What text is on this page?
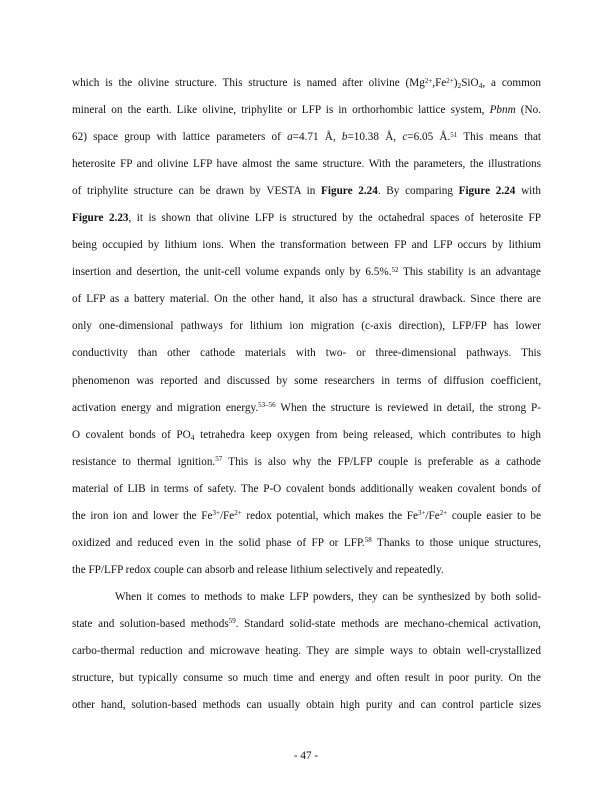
which is the olivine structure. This structure is named after olivine $(Mg^{2+},Fe^{2+})_2SiO_4$, a common
mineral on the earth. Like olivine, triphylite or LFP is in orthorhombic lattice system, Pbnm (No.
62) space group with lattice parameters of a=4.71 Å, b=10.38 Å, c=6.05 Å.$^{51}$ This means that
heterosite FP and olivine LFP have almost the same structure. With the parameters, the illustrations
of triphylite structure can be drawn by VESTA in Figure 2.24. By comparing Figure 2.24 with
Figure 2.23, it is shown that olivine LFP is structured by the octahedral spaces of heterosite FP
being occupied by lithium ions. When the transformation between FP and LFP occurs by lithium
insertion and desertion, the unit-cell volume expands only by 6.5%.$^{52}$ This stability is an advantage
of LFP as a battery material. On the other hand, it also has a structural drawback. Since there are
only one-dimensional pathways for lithium ion migration (c-axis direction), LFP/FP has lower
conductivity than other cathode materials with two- or three-dimensional pathways. This
phenomenon was reported and discussed by some researchers in terms of diffusion coefficient,
activation energy and migration energy.$^{53-56}$ When the structure is reviewed in detail, the strong P-
O covalent bonds of $PO_4$ tetrahedra keep oxygen from being released, which contributes to high
resistance to thermal ignition.$^{57}$ This is also why the FP/LFP couple is preferable as a cathode
material of LIB in terms of safety. The P-O covalent bonds additionally weaken covalent bonds of
the iron ion and lower the $Fe^{3+}/Fe^{2+}$ redox potential, which makes the $Fe^{3+}/Fe^{2+}$ couple easier to be
oxidized and reduced even in the solid phase of FP or LFP.$^{58}$ Thanks to those unique structures,
the FP/LFP redox couple can absorb and release lithium selectively and repeatedly.
When it comes to methods to make LFP powders, they can be synthesized by both solid-
state and solution-based methods$^{59}$. Standard solid-state methods are mechano-chemical activation,
carbo-thermal reduction and microwave heating. They are simple ways to obtain well-crystallized
structure, but typically consume so much time and energy and often result in poor purity. On the
other hand, solution-based methods can usually obtain high purity and can control particle sizes
- 47 -
